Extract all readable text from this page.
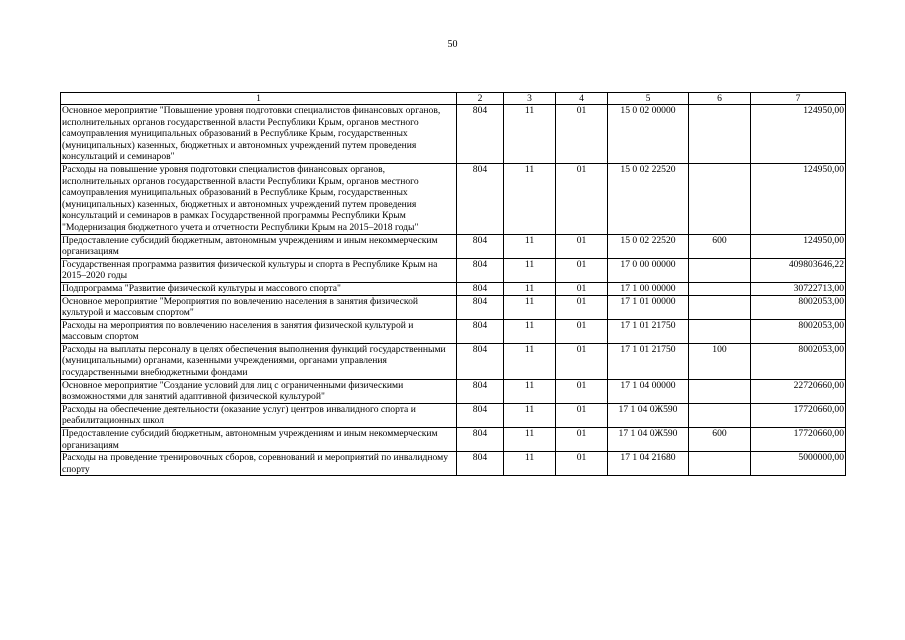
50
1	2	3	4	5	6	7
Основное мероприятие "Повышение уровня подготовки специалистов финансовых органов, исполнительных органов государственной власти Республики Крым, органов местного самоуправления муниципальных образований в Республике Крым, государственных (муниципальных) казенных, бюджетных и автономных учреждений путем проведения консультаций и семинаров"	804	11	01	15 0 02 00000		124950,00
Расходы на повышение уровня подготовки специалистов финансовых органов, исполнительных органов государственной власти Республики Крым, органов местного самоуправления муниципальных образований в Республике Крым, государственных (муниципальных) казенных, бюджетных и автономных учреждений путем проведения консультаций и семинаров в рамках Государственной программы Республики Крым "Модернизация бюджетного учета и отчетности Республики Крым на 2015–2018 годы"	804	11	01	15 0 02 22520		124950,00
Предоставление субсидий бюджетным, автономным учреждениям и иным некоммерческим организациям	804	11	01	15 0 02 22520	600	124950,00
Государственная программа развития физической культуры и спорта в Республике Крым на 2015–2020 годы	804	11	01	17 0 00 00000		409803646,22
Подпрограмма "Развитие физической культуры и массового спорта"	804	11	01	17 1 00 00000		30722713,00
Основное мероприятие "Мероприятия по вовлечению населения в занятия физической культурой и массовым спортом"	804	11	01	17 1 01 00000		8002053,00
Расходы на мероприятия по вовлечению населения в занятия физической культурой и массовым спортом	804	11	01	17 1 01 21750		8002053,00
Расходы на выплаты персоналу в целях обеспечения выполнения функций государственными (муниципальными) органами, казенными учреждениями, органами управления государственными внебюджетными фондами	804	11	01	17 1 01 21750	100	8002053,00
Основное мероприятие "Создание условий для лиц с ограниченными физическими возможностями для занятий адаптивной физической культурой"	804	11	01	17 1 04 00000		22720660,00
Расходы на обеспечение деятельности (оказание услуг) центров инвалидного спорта и реабилитационных школ	804	11	01	17 1 04 0Ж590		17720660,00
Предоставление субсидий бюджетным, автономным учреждениям и иным некоммерческим организациям	804	11	01	17 1 04 0Ж590	600	17720660,00
Расходы на проведение тренировочных сборов, соревнований и мероприятий по инвалидному спорту	804	11	01	17 1 04 21680		5000000,00
